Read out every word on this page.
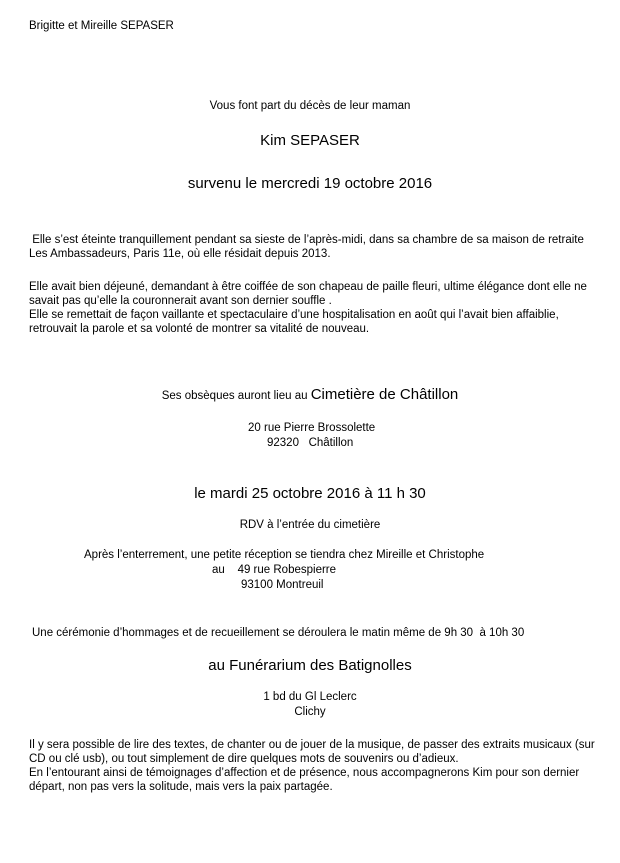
Brigitte et Mireille SEPASER
Vous font part du décès de leur maman
Kim SEPASER
survenu le mercredi 19 octobre 2016
Elle s’est éteinte tranquillement pendant sa sieste de l’après-midi, dans sa chambre de sa maison de retraite Les Ambassadeurs, Paris 11e, où elle résidait depuis 2013.

Elle avait bien déjeuné, demandant à être coiffée de son chapeau de paille fleuri, ultime élégance dont elle ne savait pas qu’elle la couronnerait avant son dernier souffle .

Elle se remettait de façon vaillante et spectaculaire d’une hospitalisation en août qui l’avait bien affaiblie, retrouvait la parole et sa volonté de montrer sa vitalité de nouveau.

Ses obsèques auront lieu au Cimetière de Châtillon
20 rue Pierre Brossolette
92320   Châtillon
le mardi 25 octobre 2016 à 11 h 30
RDV à l’entrée du cimetière
Après l’enterrement, une petite réception se tiendra chez Mireille et Christophe
au    49 rue Robespierre
93100 Montreuil
Une cérémonie d’hommages et de recueillement se déroulera le matin même de 9h 30  à 10h 30
au Funérarium des Batignolles
1 bd du Gl Leclerc
Clichy

Il y sera possible de lire des textes, de chanter ou de jouer de la musique, de passer des extraits musicaux (sur CD ou clé usb), ou tout simplement de dire quelques mots de souvenirs ou d’adieux.

En l’entourant ainsi de témoignages d’affection et de présence, nous accompagnerons Kim pour son dernier départ, non pas vers la solitude, mais vers la paix partagée.
